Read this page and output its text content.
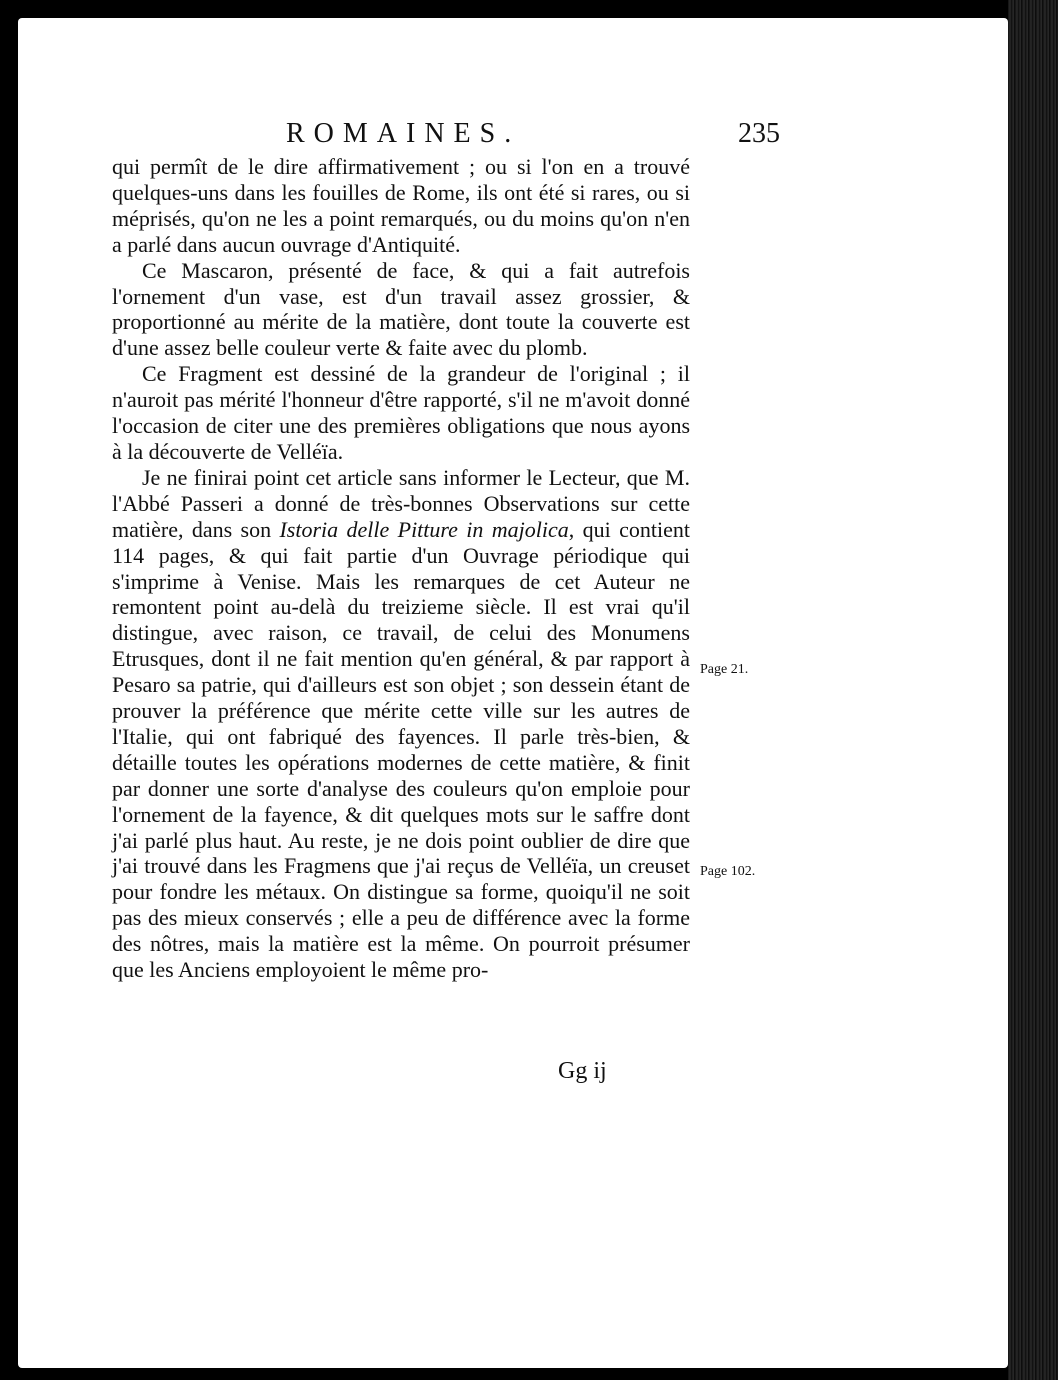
ROMAINES.	235

qui permît de le dire affirmativement ; ou si l'on en a trouvé quelques-uns dans les fouilles de Rome, ils ont été si rares, ou si méprisés, qu'on ne les a point remarqués, ou du moins qu'on n'en a parlé dans aucun ouvrage d'Antiquité.

Ce Mascaron, présenté de face, & qui a fait autrefois l'ornement d'un vase, est d'un travail assez grossier, & proportionné au mérite de la matière, dont toute la couverte est d'une assez belle couleur verte & faite avec du plomb.

Ce Fragment est dessiné de la grandeur de l'original ; il n'auroit pas mérité l'honneur d'être rapporté, s'il ne m'avoit donné l'occasion de citer une des premières obligations que nous ayons à la découverte de Velléïa.

Je ne finirai point cet article sans informer le Lecteur, que M. l'Abbé Passeri a donné de très-bonnes Observations sur cette matière, dans son Istoria delle Pitture in majolica, qui contient 114 pages, & qui fait partie d'un Ouvrage périodique qui s'imprime à Venise. Mais les remarques de cet Auteur ne remontent point au-delà du treizieme siècle. Il est vrai qu'il distingue, avec raison, ce travail, de celui des Monumens Etrusques, dont il ne fait mention qu'en général, & par rapport à Pesaro sa patrie, qui d'ailleurs est son objet ; son dessein étant de prouver la préférence que mérite cette ville sur les autres de l'Italie, qui ont fabriqué des fayences. Il parle très-bien, & détaille toutes les opérations modernes de cette matière, & finit par donner une sorte d'analyse des couleurs qu'on emploie pour l'ornement de la fayence, & dit quelques mots sur le saffre dont j'ai parlé plus haut. Au reste, je ne dois point oublier de dire que j'ai trouvé dans les Fragmens que j'ai reçus de Velléïa, un creuset pour fondre les métaux. On distingue sa forme, quoiqu'il ne soit pas des mieux conservés ; elle a peu de différence avec la forme des nôtres, mais la matière est la même. On pourroit présumer que les Anciens employoient le même pro-

Page 21.
Page 102.
Gg ij
